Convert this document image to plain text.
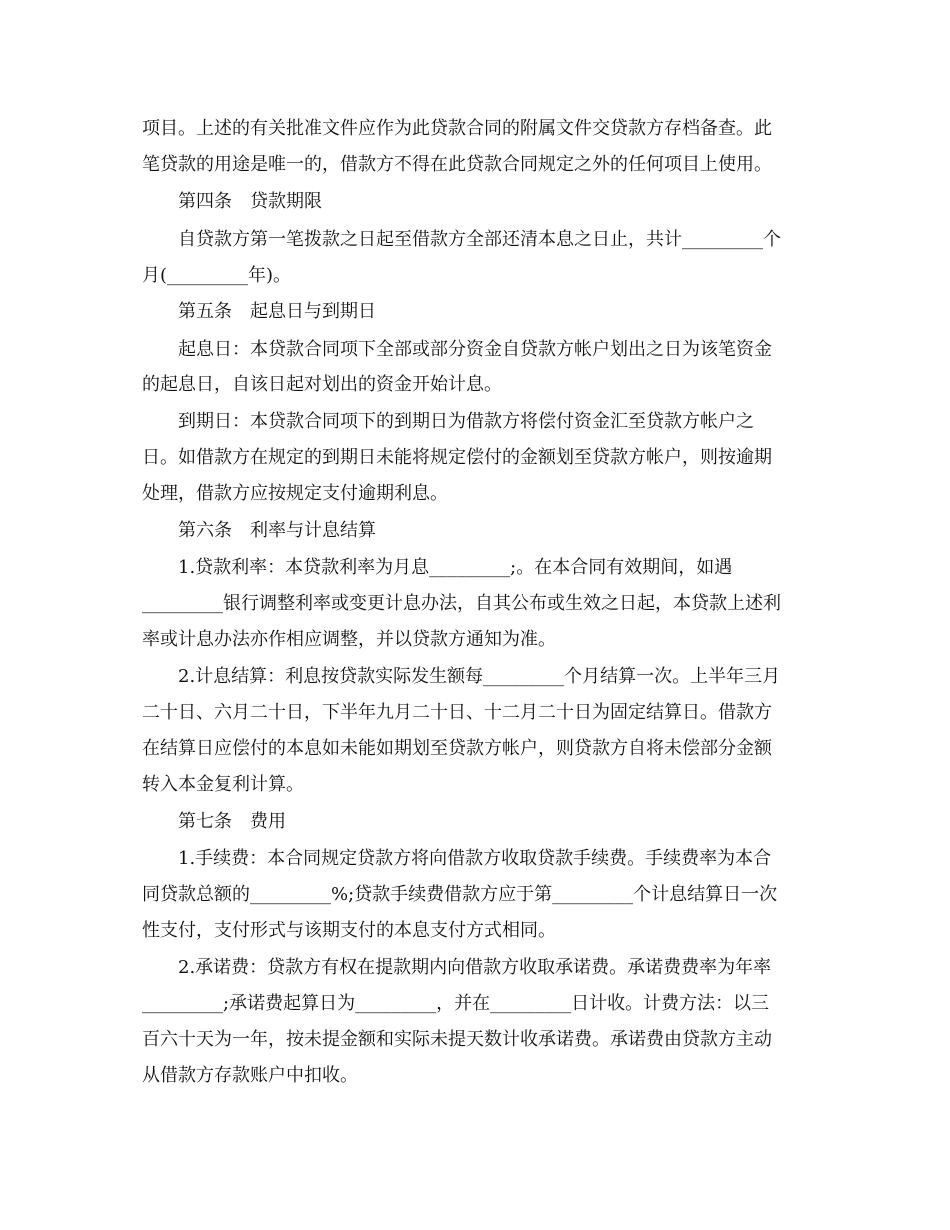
项目。上述的有关批准文件应作为此贷款合同的附属文件交贷款方存档备查。此
笔贷款的用途是唯一的，借款方不得在此贷款合同规定之外的任何项目上使用。
第四条　贷款期限
自贷款方第一笔拨款之日起至借款方全部还清本息之日止，共计_________个
月(_________年)。
第五条　起息日与到期日
起息日：本贷款合同项下全部或部分资金自贷款方帐户划出之日为该笔资金
的起息日，自该日起对划出的资金开始计息。
到期日：本贷款合同项下的到期日为借款方将偿付资金汇至贷款方帐户之
日。如借款方在规定的到期日未能将规定偿付的金额划至贷款方帐户，则按逾期
处理，借款方应按规定支付逾期利息。
第六条　利率与计息结算
1.贷款利率：本贷款利率为月息_________;。在本合同有效期间，如遇
_________银行调整利率或变更计息办法，自其公布或生效之日起，本贷款上述利
率或计息办法亦作相应调整，并以贷款方通知为准。
2.计息结算：利息按贷款实际发生额每_________个月结算一次。上半年三月
二十日、六月二十日，下半年九月二十日、十二月二十日为固定结算日。借款方
在结算日应偿付的本息如未能如期划至贷款方帐户，则贷款方自将未偿部分金额
转入本金复利计算。
第七条　费用
1.手续费：本合同规定贷款方将向借款方收取贷款手续费。手续费率为本合
同贷款总额的_________%;贷款手续费借款方应于第_________个计息结算日一次
性支付，支付形式与该期支付的本息支付方式相同。
2.承诺费：贷款方有权在提款期内向借款方收取承诺费。承诺费费率为年率
_________;承诺费起算日为_________，并在_________日计收。计费方法：以三
百六十天为一年，按未提金额和实际未提天数计收承诺费。承诺费由贷款方主动
从借款方存款账户中扣收。
